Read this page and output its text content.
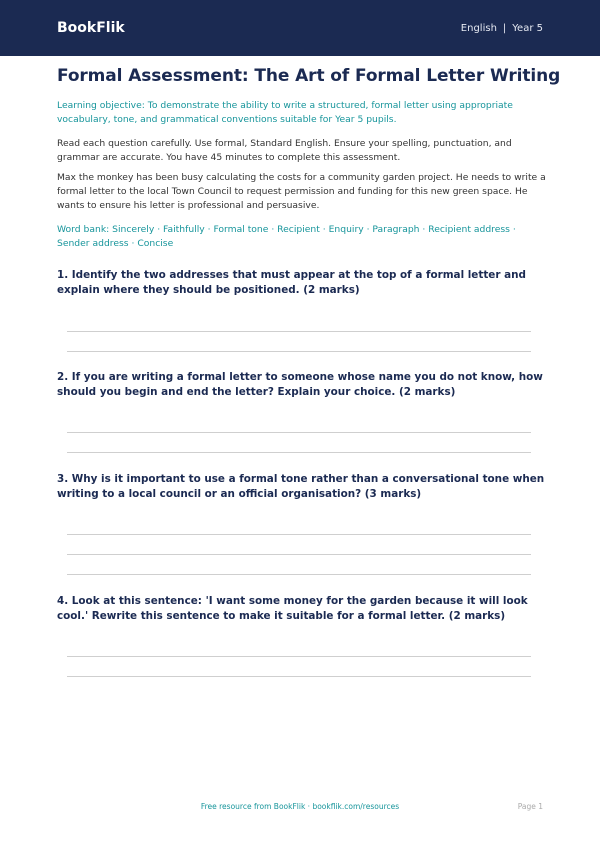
BookFlik	English | Year 5
Formal Assessment: The Art of Formal Letter Writing

Learning objective: To demonstrate the ability to write a structured, formal letter using appropriate vocabulary, tone, and grammatical conventions suitable for Year 5 pupils.

Read each question carefully. Use formal, Standard English. Ensure your spelling, punctuation, and grammar are accurate. You have 45 minutes to complete this assessment.

Max the monkey has been busy calculating the costs for a community garden project. He needs to write a formal letter to the local Town Council to request permission and funding for this new green space. He wants to ensure his letter is professional and persuasive.

Word bank: Sincerely · Faithfully · Formal tone · Recipient · Enquiry · Paragraph · Recipient address · Sender address · Concise

1. Identify the two addresses that must appear at the top of a formal letter and explain where they should be positioned. (2 marks)

2. If you are writing a formal letter to someone whose name you do not know, how should you begin and end the letter? Explain your choice. (2 marks)

3. Why is it important to use a formal tone rather than a conversational tone when writing to a local council or an official organisation? (3 marks)

4. Look at this sentence: 'I want some money for the garden because it will look cool.' Rewrite this sentence to make it suitable for a formal letter. (2 marks)

Free resource from BookFlik · bookflik.com/resources	Page 1
